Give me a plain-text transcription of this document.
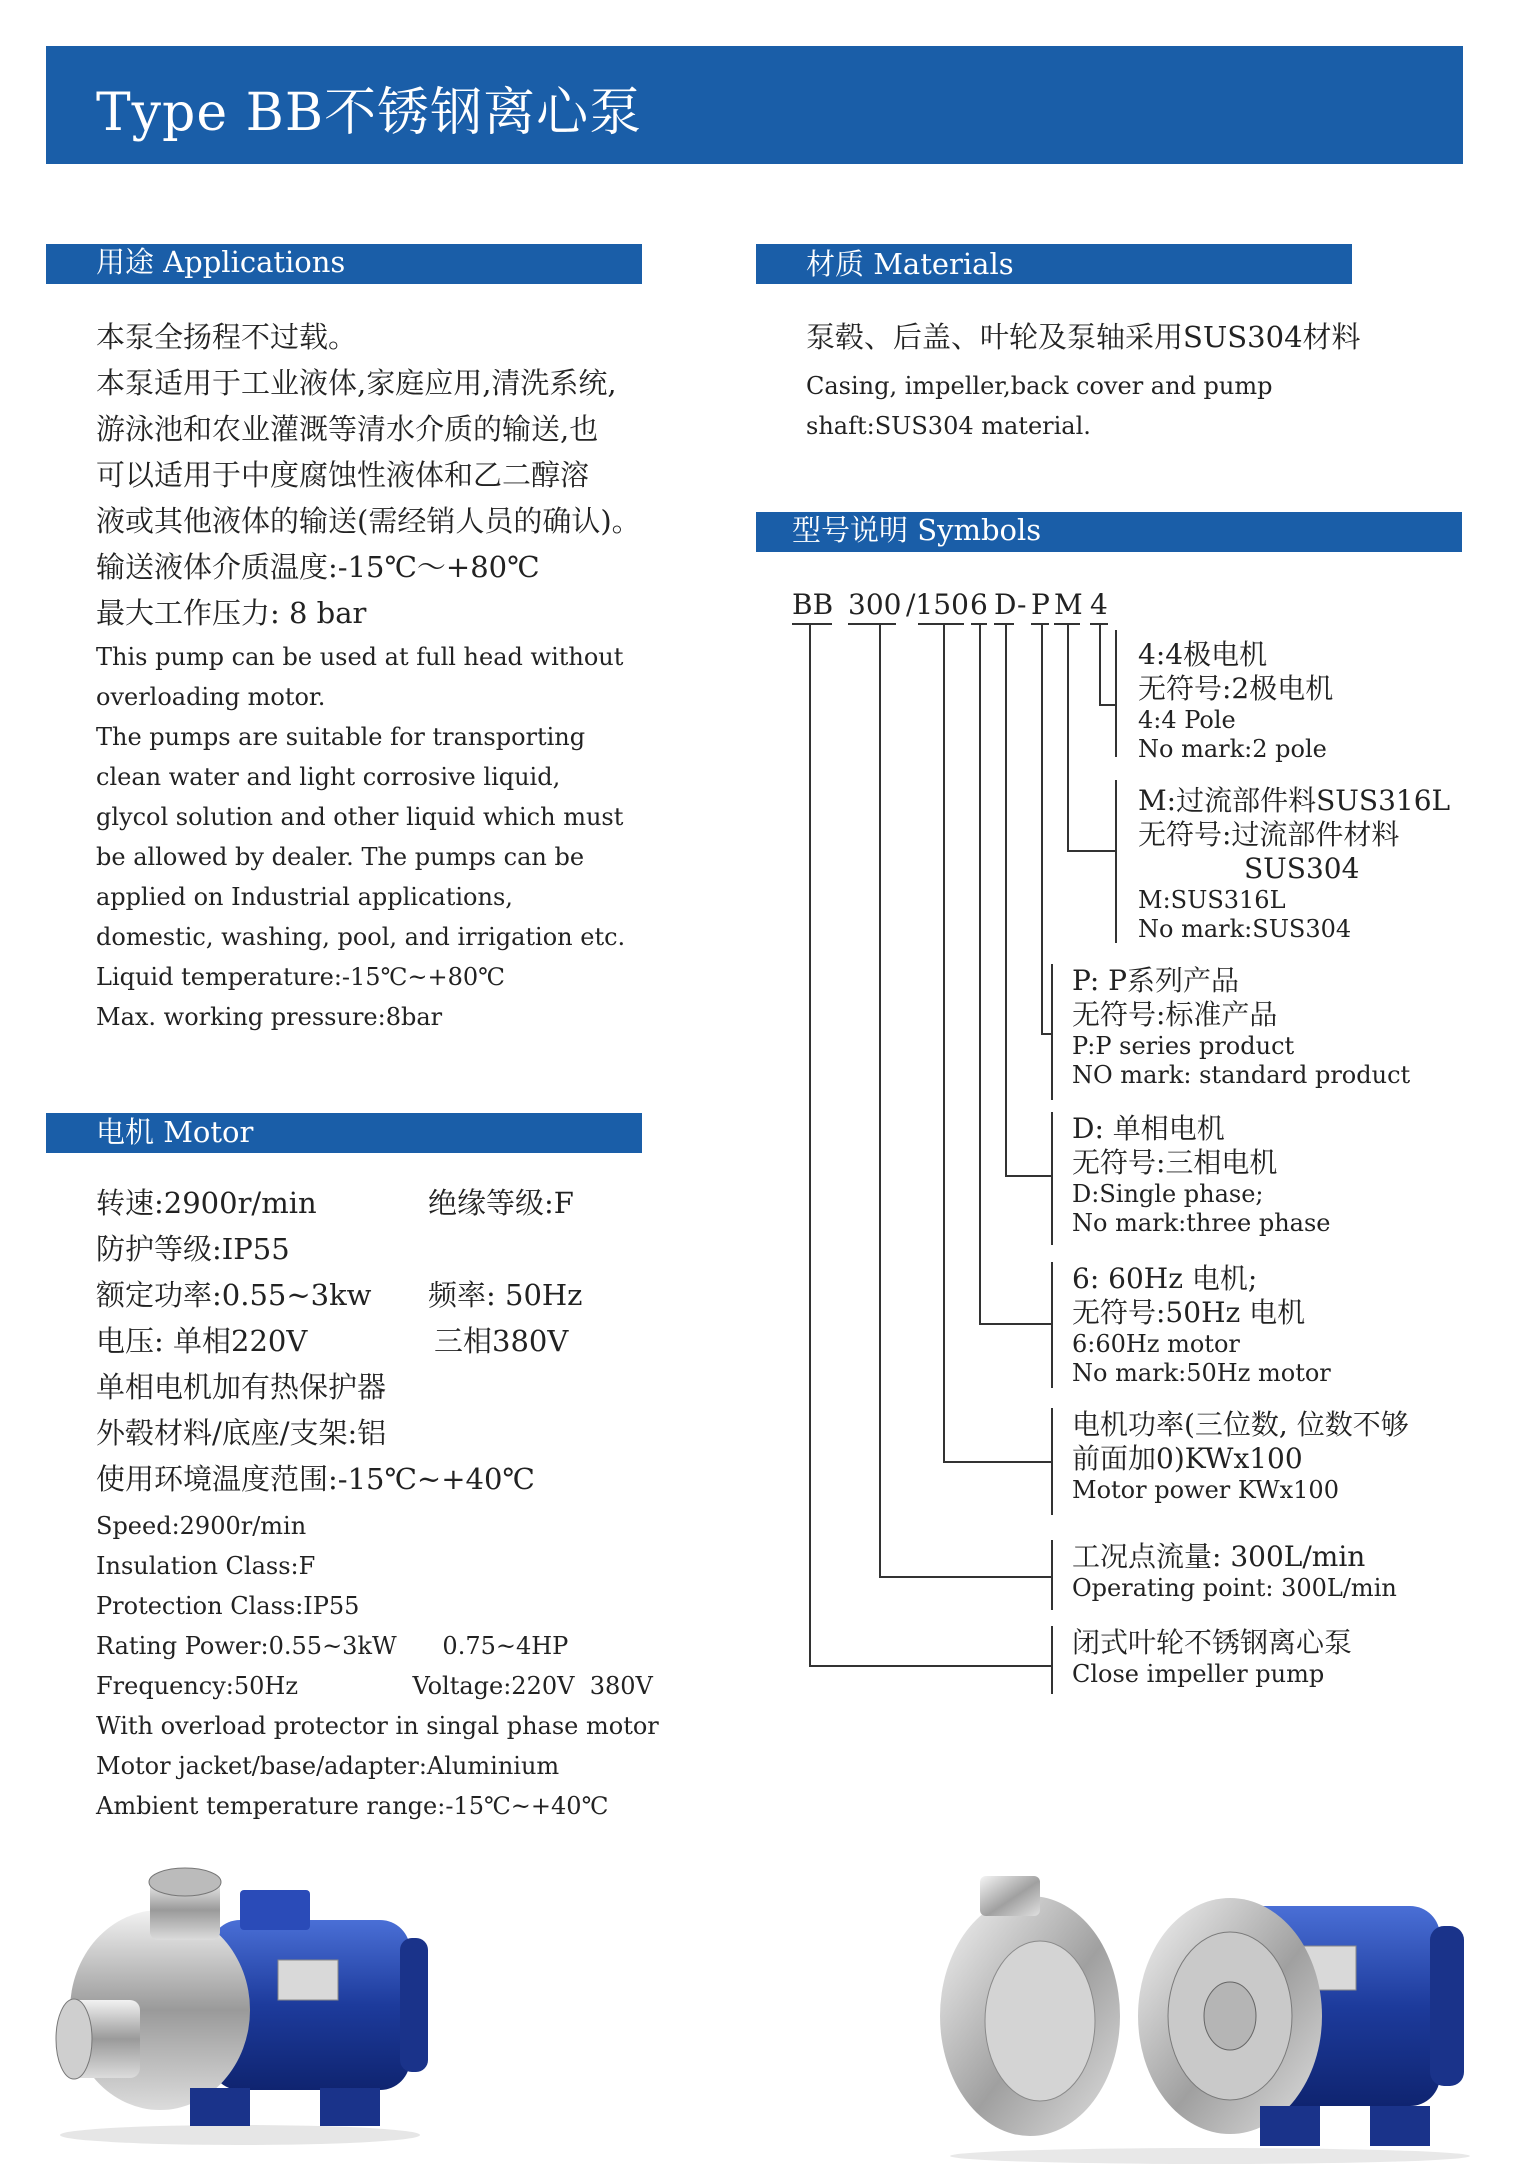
Type BB不锈钢离心泵
用途 Applications
本泵全扬程不过载。
本泵适用于工业液体,家庭应用,清洗系统,
游泳池和农业灌溉等清水介质的输送,也
可以适用于中度腐蚀性液体和乙二醇溶
液或其他液体的输送(需经销人员的确认)。
输送液体介质温度:-15℃～+80℃
最大工作压力: 8 bar
This pump can be used at full head without
overloading motor.
The pumps are suitable for transporting
clean water and light corrosive liquid,
glycol solution and other liquid which must
be allowed by dealer. The pumps can be
applied on Industrial applications,
domestic, washing, pool, and irrigation etc.
Liquid temperature:-15℃~+80℃
Max. working pressure:8bar
电机 Motor
转速:2900r/min	绝缘等级:F
防护等级:IP55
额定功率:0.55~3kw 频率: 50Hz
电压: 单相220V	三相380V
单相电机加有热保护器
外毂材料/底座/支架:铝
使用环境温度范围:-15℃~+40℃
Speed:2900r/min
Insulation Class:F
Protection Class:IP55
Rating Power:0.55~3kW      0.75~4HP
Frequency:50Hz               Voltage:220V  380V
With overload protector in singal phase motor
Motor jacket/base/adapter:Aluminium
Ambient temperature range:-15℃~+40℃
材质 Materials
泵毂、后盖、叶轮及泵轴采用SUS304材料
Casing, impeller,back cover and pump
shaft:SUS304 material.
型号说明 Symbols
BB 300 /150 6 D - P M 4
4:4极电机
无符号:2极电机
4:4 Pole
No mark:2 pole
M:过流部件料SUS316L
无符号:过流部件材料
SUS304
M:SUS316L
No mark:SUS304
P: P系列产品
无符号:标准产品
P:P series product
NO mark: standard product
D: 单相电机
无符号:三相电机
D:Single phase;
No mark:three phase
6: 60Hz 电机;
无符号:50Hz 电机
6:60Hz motor
No mark:50Hz motor
电机功率(三位数, 位数不够
前面加0)KWx100
Motor power KWx100
工况点流量: 300L/min
Operating point: 300L/min
闭式叶轮不锈钢离心泵
Close impeller pump
